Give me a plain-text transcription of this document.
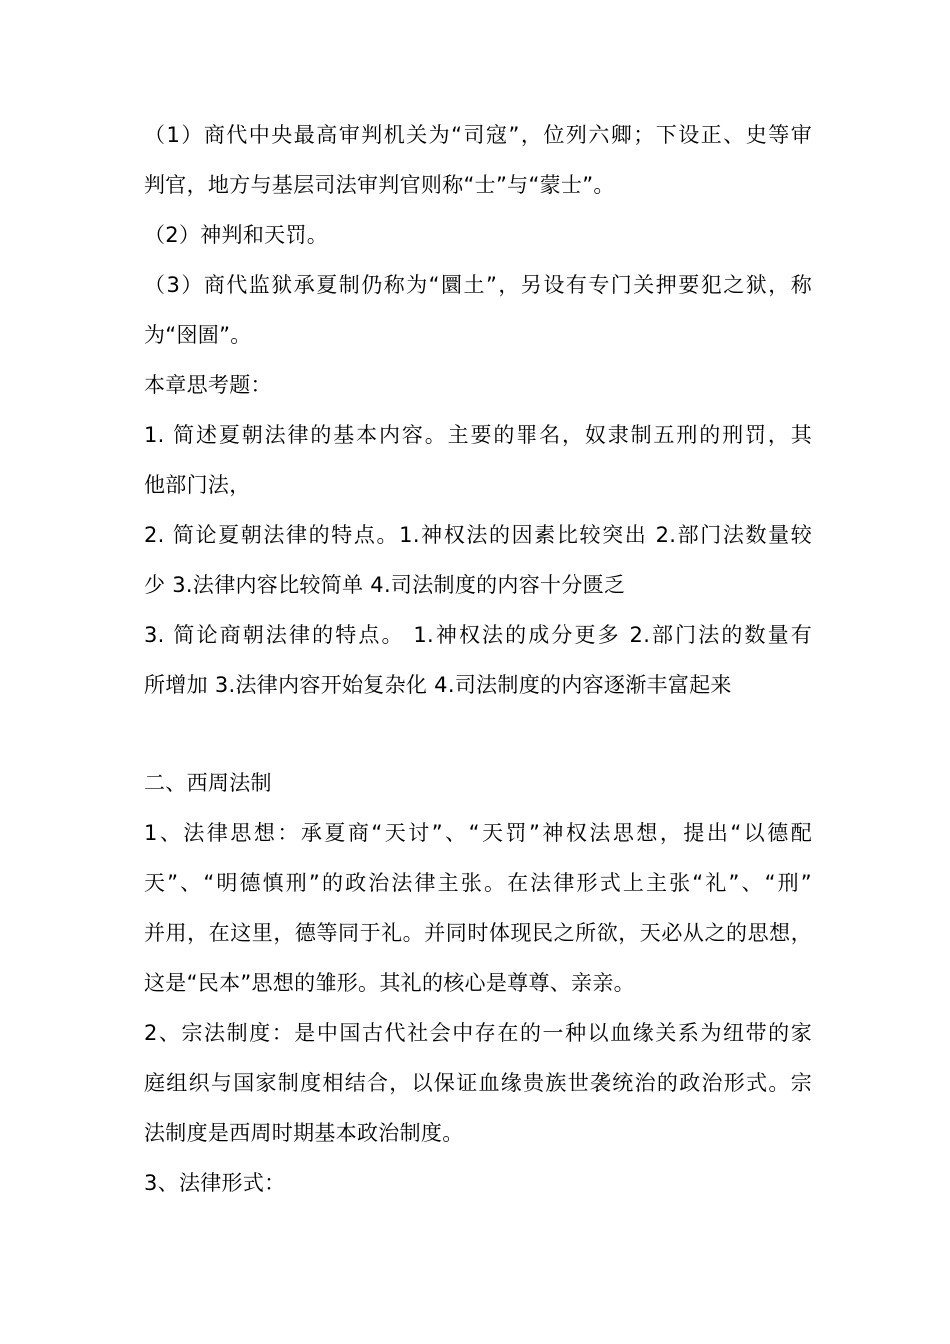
（1）商代中央最高审判机关为“司寇”，位列六卿；下设正、史等审
判官，地方与基层司法审判官则称“士”与“蒙士”。
（2）神判和天罚。
（3）商代监狱承夏制仍称为“圜土”，另设有专门关押要犯之狱，称
为“囹圄”。
本章思考题：
1. 简述夏朝法律的基本内容。主要的罪名，奴隶制五刑的刑罚，其
他部门法，
2. 简论夏朝法律的特点。1.神权法的因素比较突出 2.部门法数量较
少 3.法律内容比较简单 4.司法制度的内容十分匮乏
3. 简论商朝法律的特点。 1.神权法的成分更多 2.部门法的数量有
所增加 3.法律内容开始复杂化 4.司法制度的内容逐渐丰富起来
二、西周法制
1、法律思想：承夏商“天讨”、“天罚”神权法思想，提出“以德配
天”、“明德慎刑”的政治法律主张。在法律形式上主张“礼”、“刑”
并用，在这里，德等同于礼。并同时体现民之所欲，天必从之的思想，
这是“民本”思想的雏形。其礼的核心是尊尊、亲亲。
2、宗法制度：是中国古代社会中存在的一种以血缘关系为纽带的家
庭组织与国家制度相结合，以保证血缘贵族世袭统治的政治形式。宗
法制度是西周时期基本政治制度。
3、法律形式：
